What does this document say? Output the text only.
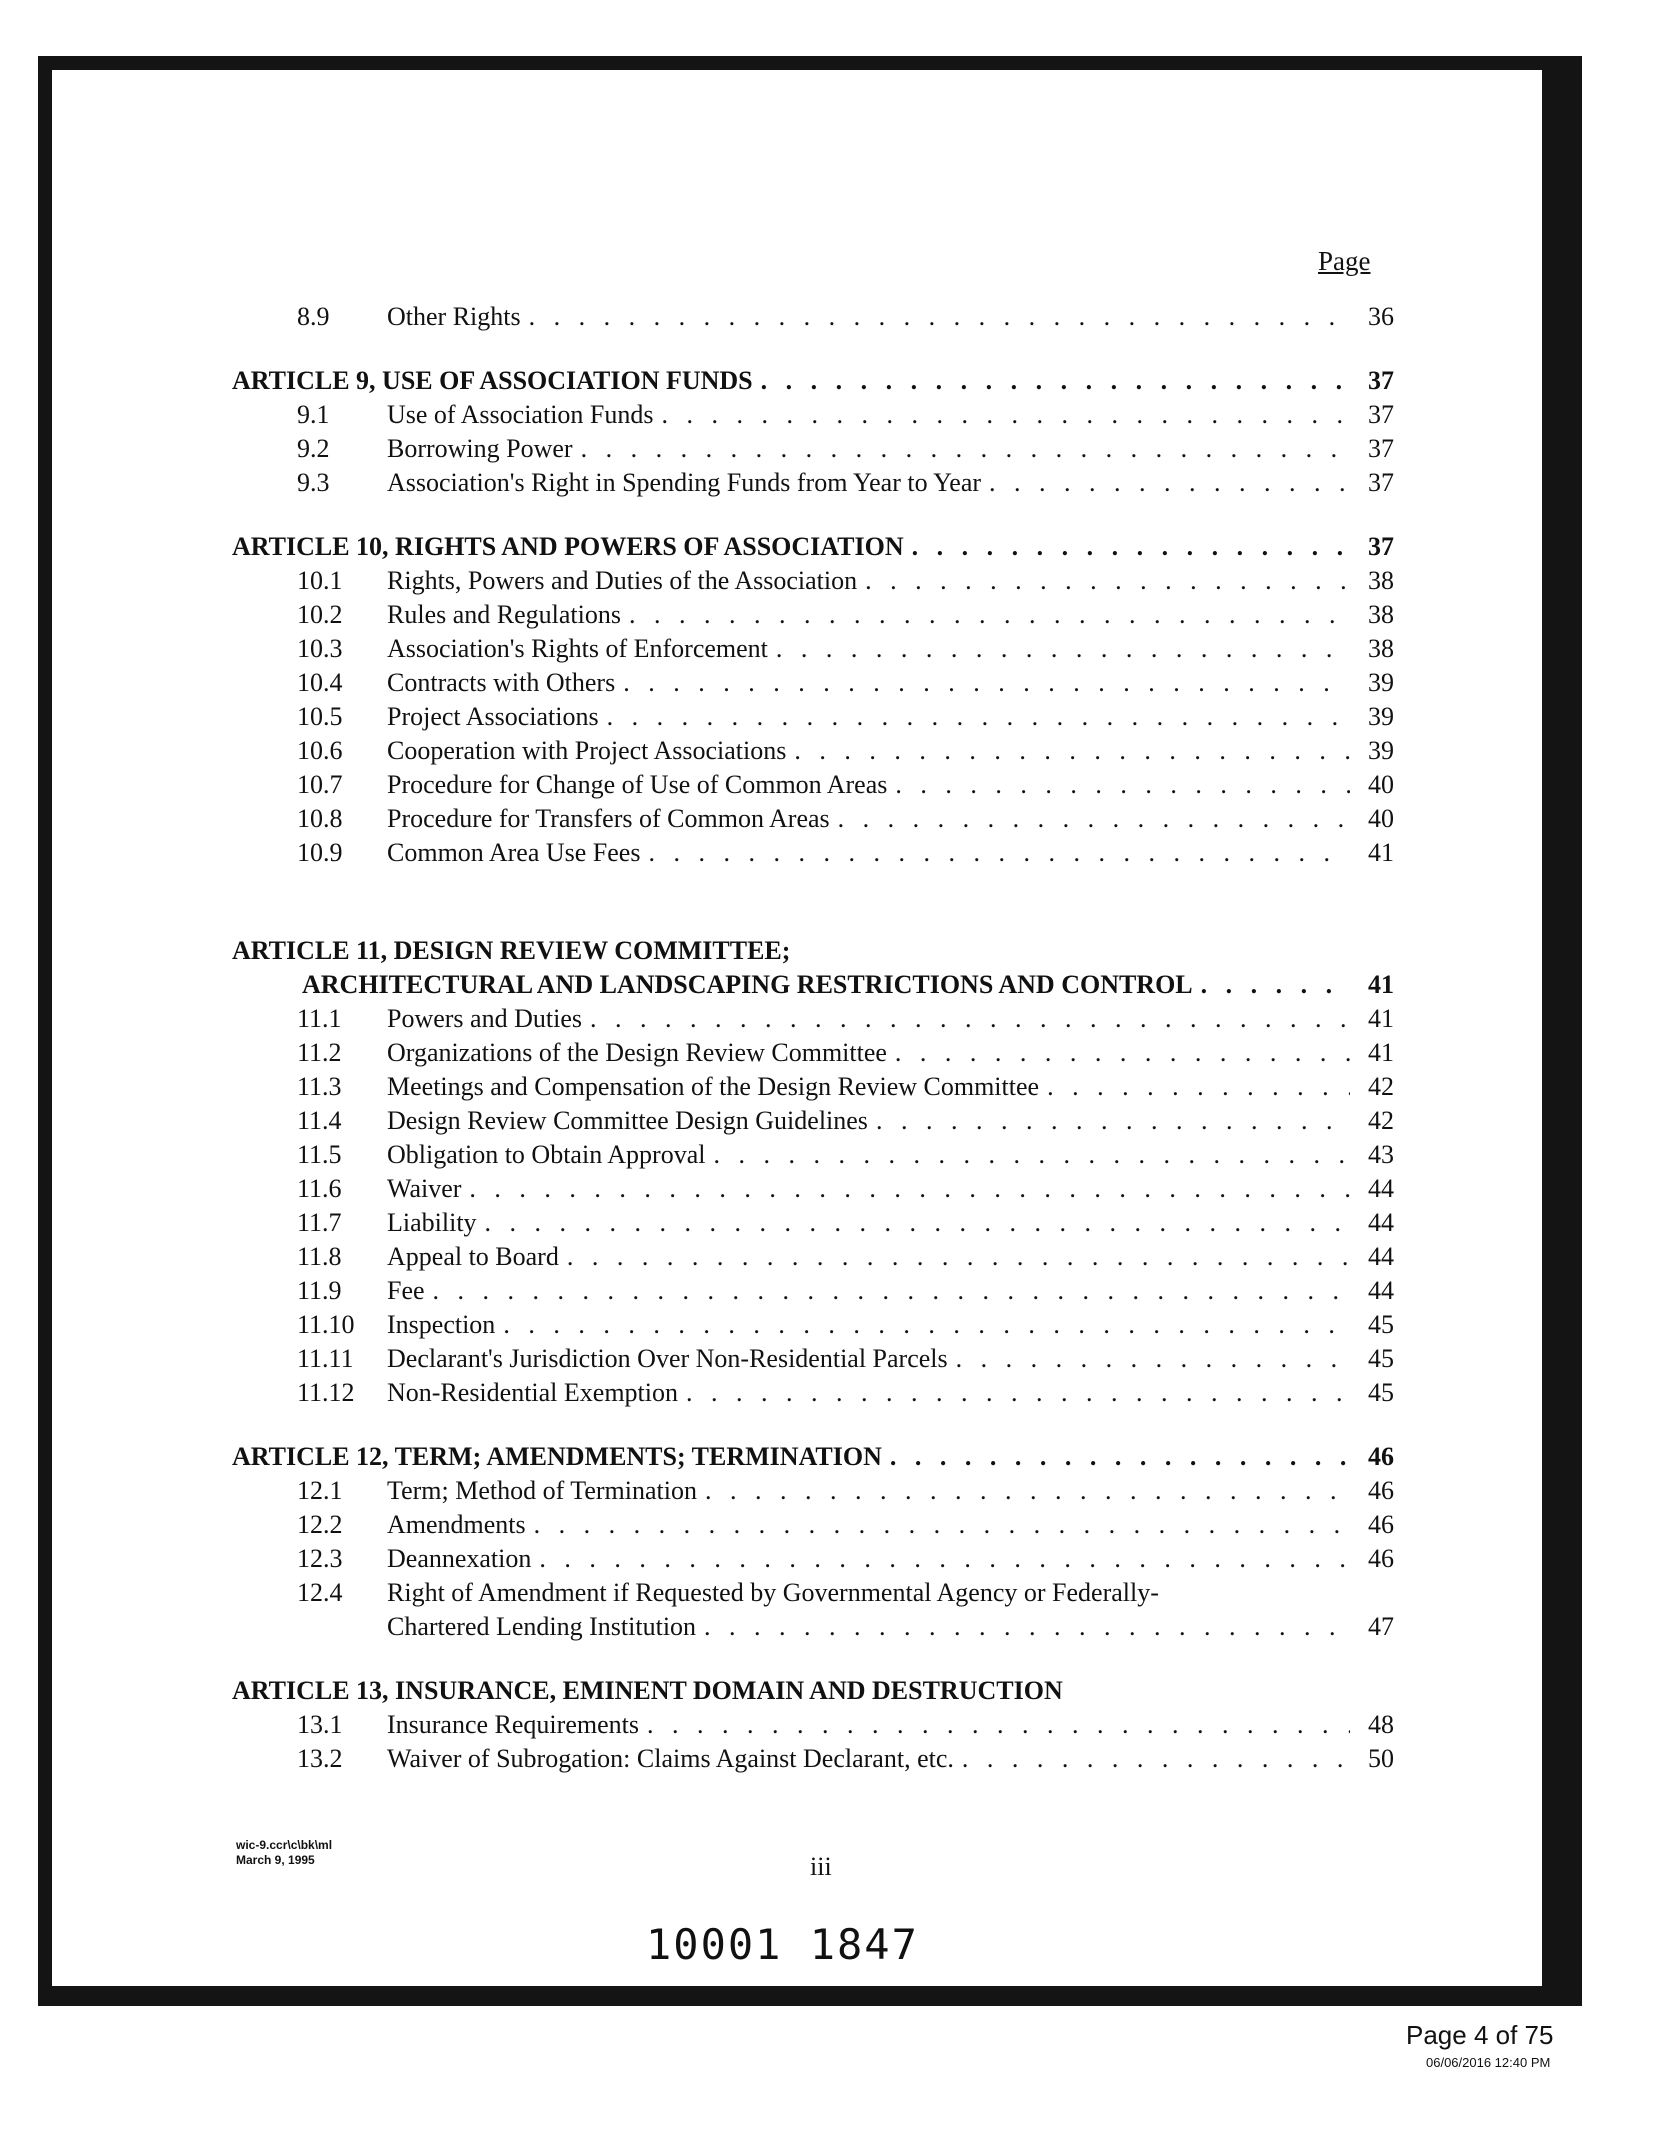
Page
8.9	Other Rights . . .	36
ARTICLE 9, USE OF ASSOCIATION FUNDS . . .	37
9.1	Use of Association Funds . . .	37
9.2	Borrowing Power . . .	37
9.3	Association's Right in Spending Funds from Year to Year . . .	37
ARTICLE 10, RIGHTS AND POWERS OF ASSOCIATION . . .	37
10.1	Rights, Powers and Duties of the Association . . .	38
10.2	Rules and Regulations . . .	38
10.3	Association's Rights of Enforcement . . .	38
10.4	Contracts with Others . . .	39
10.5	Project Associations . . .	39
10.6	Cooperation with Project Associations . . .	39
10.7	Procedure for Change of Use of Common Areas . . .	40
10.8	Procedure for Transfers of Common Areas . . .	40
10.9	Common Area Use Fees . . .	41
ARTICLE 11, DESIGN REVIEW COMMITTEE;
ARCHITECTURAL AND LANDSCAPING RESTRICTIONS AND CONTROL . . .	41
11.1	Powers and Duties . . .	41
11.2	Organizations of the Design Review Committee . . .	41
11.3	Meetings and Compensation of the Design Review Committee . . .	42
11.4	Design Review Committee Design Guidelines . . .	42
11.5	Obligation to Obtain Approval . . .	43
11.6	Waiver . . .	44
11.7	Liability . . .	44
11.8	Appeal to Board . . .	44
11.9	Fee . . .	44
11.10	Inspection . . .	45
11.11	Declarant's Jurisdiction Over Non-Residential Parcels . . .	45
11.12	Non-Residential Exemption . . .	45
ARTICLE 12, TERM; AMENDMENTS; TERMINATION . . .	46
12.1	Term; Method of Termination . . .	46
12.2	Amendments . . .	46
12.3	Deannexation . . .	46
12.4	Right of Amendment if Requested by Governmental Agency or Federally-
Chartered Lending Institution . . .	47
ARTICLE 13, INSURANCE, EMINENT DOMAIN AND DESTRUCTION
13.1	Insurance Requirements . . .	48
13.2	Waiver of Subrogation: Claims Against Declarant, etc. . . .	50
wic-9.ccr\c\bk\ml
March 9, 1995	iii
10001 1847
Page 4 of 75
06/06/2016 12:40 PM
